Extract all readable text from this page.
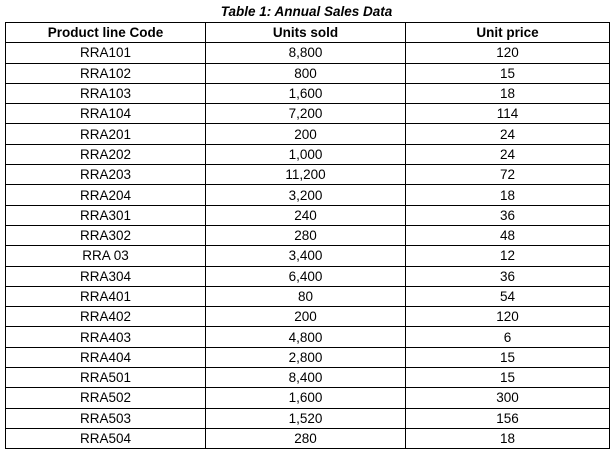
Table 1: Annual Sales Data
Product line Code	Units sold	Unit price
RRA101	8,800	120
RRA102	800	15
RRA103	1,600	18
RRA104	7,200	114
RRA201	200	24
RRA202	1,000	24
RRA203	11,200	72
RRA204	3,200	18
RRA301	240	36
RRA302	280	48
RRA 03	3,400	12
RRA304	6,400	36
RRA401	80	54
RRA402	200	120
RRA403	4,800	6
RRA404	2,800	15
RRA501	8,400	15
RRA502	1,600	300
RRA503	1,520	156
RRA504	280	18
